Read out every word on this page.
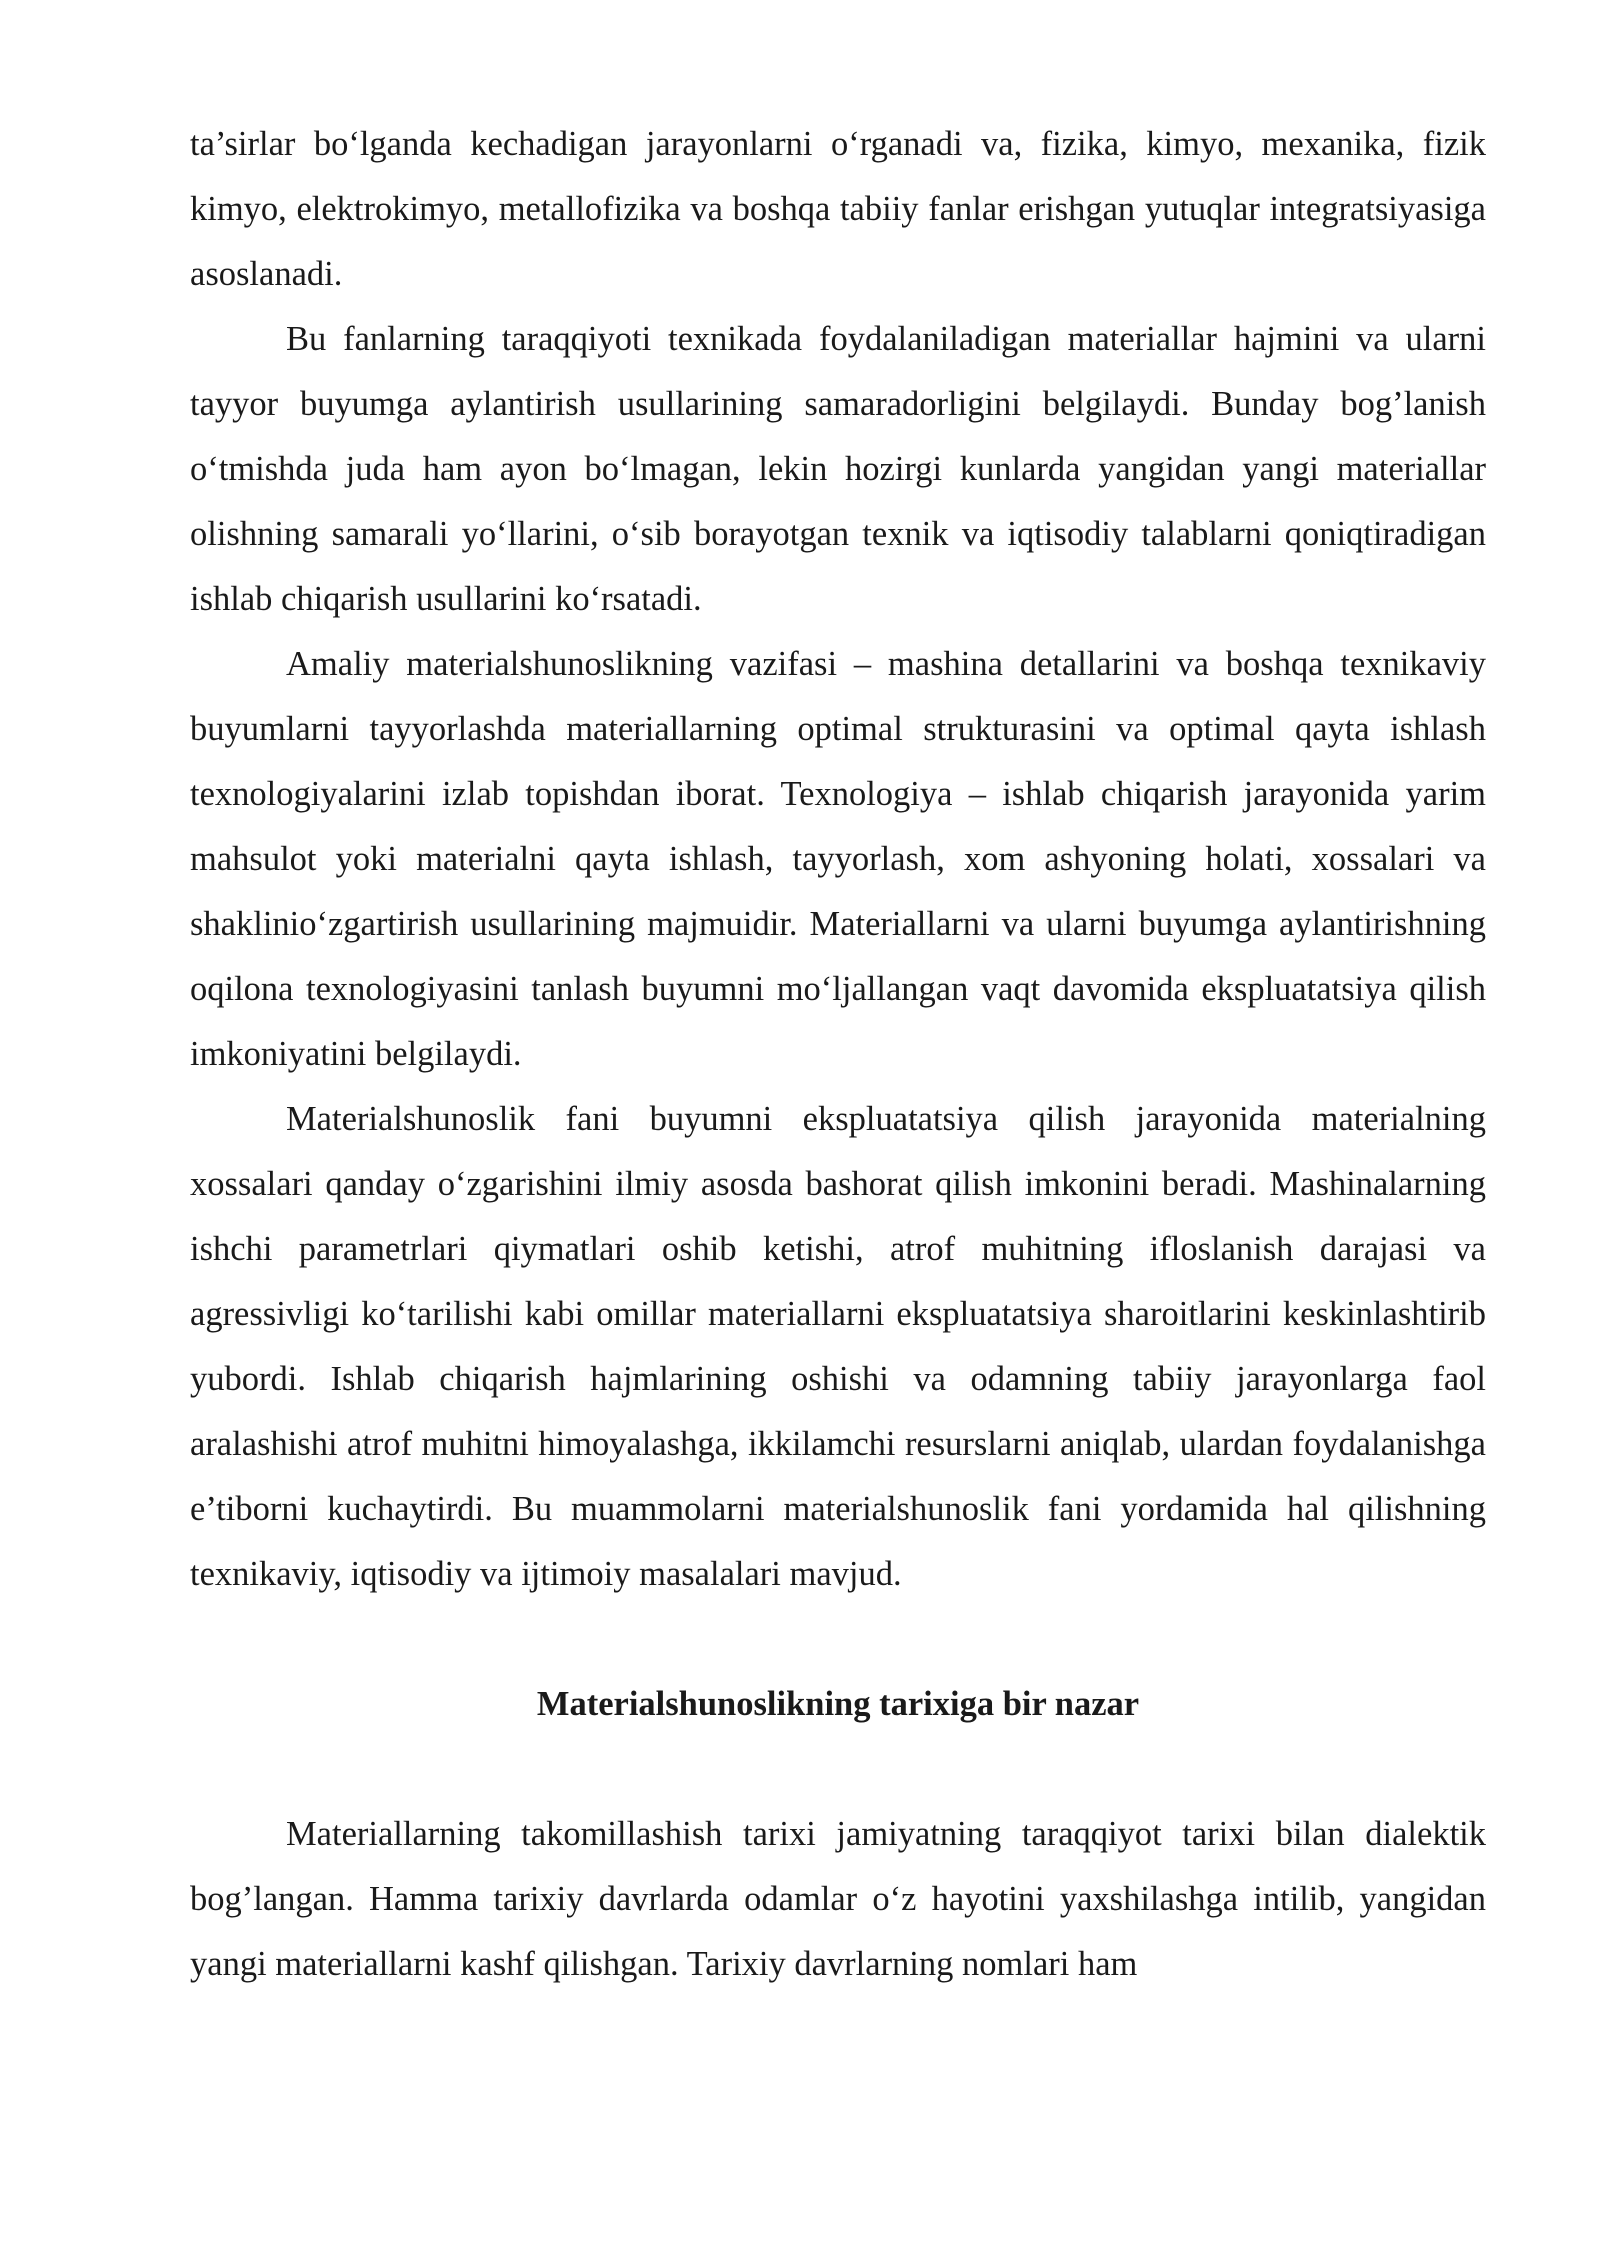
ta’sirlar bo‘lganda kechadigan jarayonlarni o‘rganadi va, fizika, kimyo, mexanika, fizik kimyo, elektrokimyo, metallofizika va boshqa tabiiy fanlar erishgan yutuqlar integratsiyasiga asoslanadi.

Bu fanlarning taraqqiyoti texnikada foydalaniladigan materiallar hajmini va ularni tayyor buyumga aylantirish usullarining samaradorligini belgilaydi. Bunday bog’lanish o‘tmishda juda ham ayon bo‘lmagan, lekin hozirgi kunlarda yangidan yangi materiallar olishning samarali yo‘llarini, o‘sib borayotgan texnik va iqtisodiy talablarni qoniqtiradigan ishlab chiqarish usullarini ko‘rsatadi.

Amaliy materialshunoslikning vazifasi – mashina detallarini va boshqa texnikaviy buyumlarni tayyorlashda materiallarning optimal strukturasini va optimal qayta ishlash texnologiyalarini izlab topishdan iborat. Texnologiya – ishlab chiqarish jarayonida yarim mahsulot yoki materialni qayta ishlash, tayyorlash, xom ashyoning holati, xossalari va shaklinio‘zgartirish usullarining majmuidir. Materiallarni va ularni buyumga aylantirishning oqilona texnologiyasini tanlash buyumni mo‘ljallangan vaqt davomida ekspluatatsiya qilish imkoniyatini belgilaydi.

Materialshunoslik fani buyumni ekspluatatsiya qilish jarayonida materialning xossalari qanday o‘zgarishini ilmiy asosda bashorat qilish imkonini beradi. Mashinalarning ishchi parametrlari qiymatlari oshib ketishi, atrof muhitning ifloslanish darajasi va agressivligi ko‘tarilishi kabi omillar materiallarni ekspluatatsiya sharoitlarini keskinlashtirib yubordi. Ishlab chiqarish hajmlarining oshishi va odamning tabiiy jarayonlarga faol aralashishi atrof muhitni himoyalashga, ikkilamchi resurslarni aniqlab, ulardan foydalanishga e’tiborni kuchaytirdi. Bu muammolarni materialshunoslik fani yordamida hal qilishning texnikaviy, iqtisodiy va ijtimoiy masalalari mavjud.

Materialshunoslikning tarixiga bir nazar

Materiallarning takomillashish tarixi jamiyatning taraqqiyot tarixi bilan dialektik bog’langan. Hamma tarixiy davrlarda odamlar o‘z hayotini yaxshilashga intilib, yangidan yangi materiallarni kashf qilishgan. Tarixiy davrlarning nomlari ham
